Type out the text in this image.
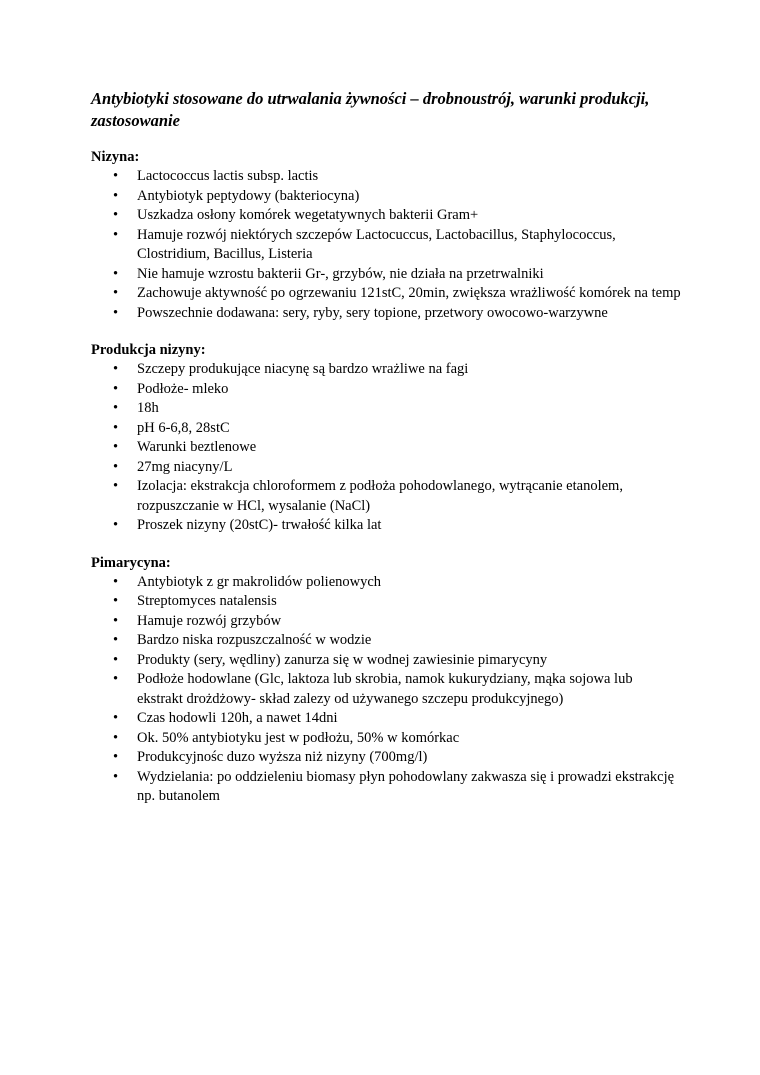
Antybiotyki stosowane do utrwalania żywności – drobnoustrój, warunki produkcji, zastosowanie
Nizyna:
• Lactococcus lactis subsp. lactis
• Antybiotyk peptydowy (bakteriocyna)
• Uszkadza osłony komórek wegetatywnych bakterii Gram+
• Hamuje rozwój niektórych szczepów Lactocuccus, Lactobacillus, Staphylococcus, Clostridium, Bacillus, Listeria
• Nie hamuje wzrostu bakterii Gr-, grzybów, nie działa na przetrwalniki
• Zachowuje aktywność po ogrzewaniu 121stC, 20min, zwiększa wrażliwość komórek na temp
• Powszechnie dodawana: sery, ryby, sery topione, przetwory owocowo-warzywne
Produkcja nizyny:
• Szczepy produkujące niacynę są bardzo wrażliwe na fagi
• Podłoże- mleko
• 18h
• pH 6-6,8, 28stC
• Warunki beztlenowe
• 27mg niacyny/L
• Izolacja: ekstrakcja chloroformem z podłoża pohodowlanego, wytrącanie etanolem, rozpuszczanie w HCl, wysalanie (NaCl)
• Proszek nizyny (20stC)- trwałość kilka lat
Pimarycyna:
• Antybiotyk z gr makrolidów polienowych
• Streptomyces natalensis
• Hamuje rozwój grzybów
• Bardzo niska rozpuszczalność w wodzie
• Produkty (sery, wędliny) zanurza się w wodnej zawiesinie pimarycyny
• Podłoże hodowlane (Glc, laktoza lub skrobia, namok kukurydziany, mąka sojowa lub ekstrakt drożdżowy- skład zalezy od używanego szczepu produkcyjnego)
• Czas hodowli 120h, a nawet 14dni
• Ok. 50% antybiotyku jest w podłożu, 50% w komórkac
• Produkcyjnośc duzo wyższa niż nizyny (700mg/l)
• Wydzielania: po oddzieleniu biomasy płyn pohodowlany zakwasza się i prowadzi ekstrakcję np. butanolem
